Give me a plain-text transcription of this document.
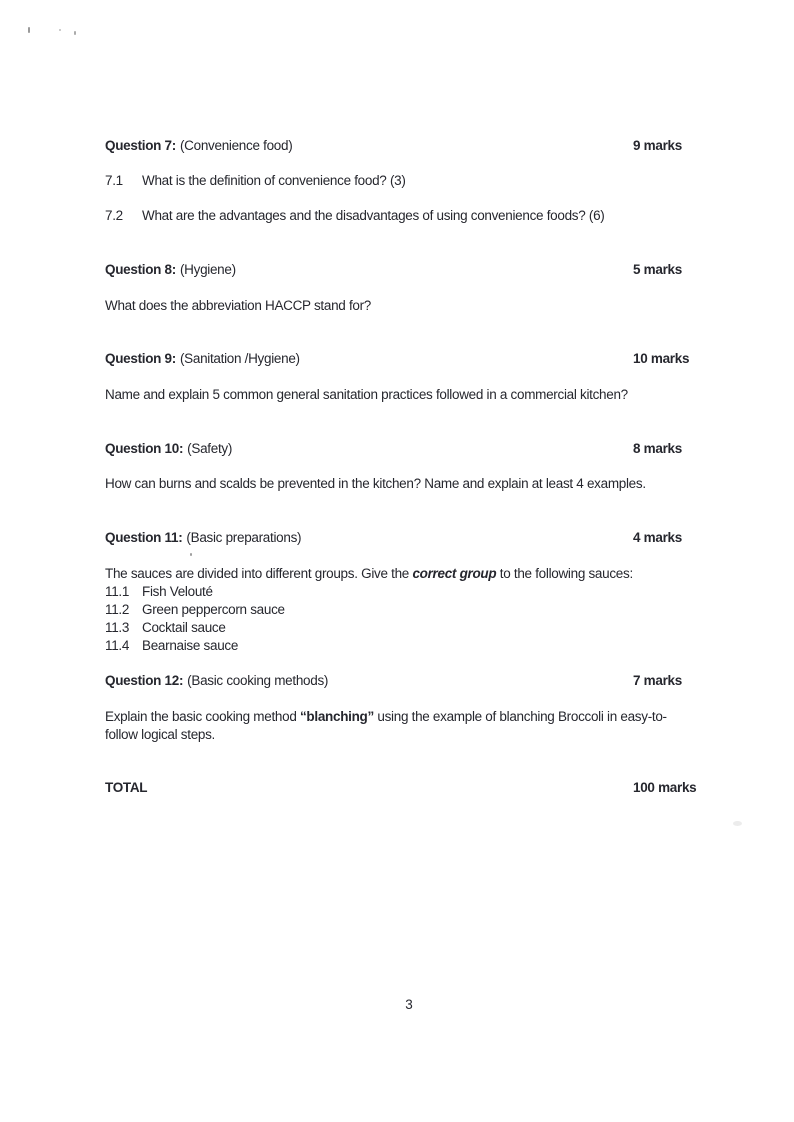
Question 7: (Convenience food)	9 marks
7.1 What is the definition of convenience food? (3)
7.2 What are the advantages and the disadvantages of using convenience foods? (6)
Question 8: (Hygiene)	5 marks
What does the abbreviation HACCP stand for?
Question 9: (Sanitation /Hygiene)	10 marks
Name and explain 5 common general sanitation practices followed in a commercial kitchen?
Question 10: (Safety)	8 marks
How can burns and scalds be prevented in the kitchen? Name and explain at least 4 examples.
Question 11: (Basic preparations)	4 marks
The sauces are divided into different groups. Give the correct group to the following sauces:
11.1 Fish Velouté
11.2 Green peppercorn sauce
11.3 Cocktail sauce
11.4 Bearnaise sauce
Question 12: (Basic cooking methods)	7 marks
Explain the basic cooking method “blanching” using the example of blanching Broccoli in easy-to-
follow logical steps.
TOTAL	100 marks
3
